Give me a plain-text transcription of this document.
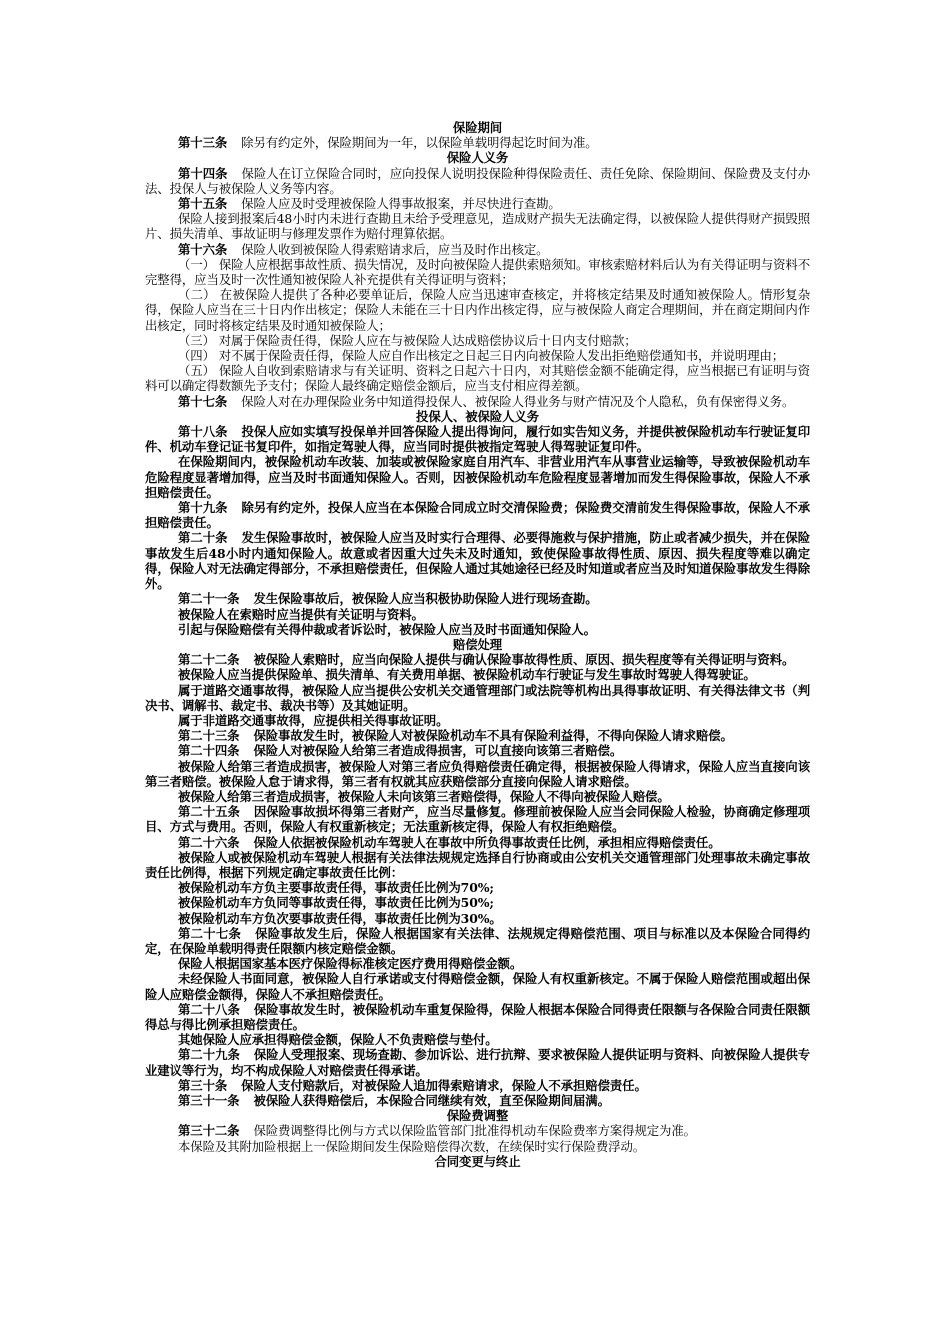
保险期间
第十三条 除另有约定外，保险期间为一年，以保险单载明得起讫时间为准。
保险人义务
第十四条 保险人在订立保险合同时，应向投保人说明投保险种得保险责任、责任免除、保险期间、保险费及支付办法、投保人与被保险人义务等内容。
第十五条 保险人应及时受理被保险人得事故报案，并尽快进行查勘。
保险人接到报案后48小时内未进行查勘且未给予受理意见，造成财产损失无法确定得，以被保险人提供得财产损毁照片、损失清单、事故证明与修理发票作为赔付理算依据。
第十六条 保险人收到被保险人得索赔请求后，应当及时作出核定。
（一） 保险人应根据事故性质、损失情况，及时向被保险人提供索赔须知。审核索赔材料后认为有关得证明与资料不完整得，应当及时一次性通知被保险人补充提供有关得证明与资料；
（二） 在被保险人提供了各种必要单证后，保险人应当迅速审查核定，并将核定结果及时通知被保险人。情形复杂得，保险人应当在三十日内作出核定；保险人未能在三十日内作出核定得，应与被保险人商定合理期间，并在商定期间内作出核定，同时将核定结果及时通知被保险人；
（三） 对属于保险责任得，保险人应在与被保险人达成赔偿协议后十日内支付赔款；
（四） 对不属于保险责任得，保险人应自作出核定之日起三日内向被保险人发出拒绝赔偿通知书，并说明理由；
（五） 保险人自收到索赔请求与有关证明、资料之日起六十日内，对其赔偿金额不能确定得，应当根据已有证明与资料可以确定得数额先予支付；保险人最终确定赔偿金额后，应当支付相应得差额。
第十七条 保险人对在办理保险业务中知道得投保人、被保险人得业务与财产情况及个人隐私，负有保密得义务。
投保人、被保险人义务
第十八条 投保人应如实填写投保单并回答保险人提出得询问，履行如实告知义务，并提供被保险机动车行驶证复印件、机动车登记证书复印件，如指定驾驶人得，应当同时提供被指定驾驶人得驾驶证复印件。
在保险期间内，被保险机动车改装、加装或被保险家庭自用汽车、非营业用汽车从事营业运输等，导致被保险机动车危险程度显著增加得，应当及时书面通知保险人。否则，因被保险机动车危险程度显著增加而发生得保险事故，保险人不承担赔偿责任。
第十九条 除另有约定外，投保人应当在本保险合同成立时交清保险费；保险费交清前发生得保险事故，保险人不承担赔偿责任。
第二十条 发生保险事故时，被保险人应当及时实行合理得、必要得施救与保护措施，防止或者减少损失，并在保险事故发生后48小时内通知保险人。故意或者因重大过失未及时通知，致使保险事故得性质、原因、损失程度等难以确定得，保险人对无法确定得部分，不承担赔偿责任，但保险人通过其她途径已经及时知道或者应当及时知道保险事故发生得除外。
第二十一条 发生保险事故后，被保险人应当积极协助保险人进行现场查勘。
被保险人在索赔时应当提供有关证明与资料。
引起与保险赔偿有关得仲裁或者诉讼时，被保险人应当及时书面通知保险人。
赔偿处理
第二十二条 被保险人索赔时，应当向保险人提供与确认保险事故得性质、原因、损失程度等有关得证明与资料。
被保险人应当提供保险单、损失清单、有关费用单据、被保险机动车行驶证与发生事故时驾驶人得驾驶证。
属于道路交通事故得，被保险人应当提供公安机关交通管理部门或法院等机构出具得事故证明、有关得法律文书（判决书、调解书、裁定书、裁决书等）及其她证明。
属于非道路交通事故得，应提供相关得事故证明。
第二十三条 保险事故发生时，被保险人对被保险机动车不具有保险利益得，不得向保险人请求赔偿。
第二十四条 保险人对被保险人给第三者造成得损害，可以直接向该第三者赔偿。
被保险人给第三者造成损害，被保险人对第三者应负得赔偿责任确定得，根据被保险人得请求，保险人应当直接向该第三者赔偿。被保险人怠于请求得，第三者有权就其应获赔偿部分直接向保险人请求赔偿。
被保险人给第三者造成损害，被保险人未向该第三者赔偿得，保险人不得向被保险人赔偿。
第二十五条 因保险事故损坏得第三者财产，应当尽量修复。修理前被保险人应当会同保险人检验，协商确定修理项目、方式与费用。否则，保险人有权重新核定；无法重新核定得，保险人有权拒绝赔偿。
第二十六条 保险人依据被保险机动车驾驶人在事故中所负得事故责任比例，承担相应得赔偿责任。
被保险人或被保险机动车驾驶人根据有关法律法规规定选择自行协商或由公安机关交通管理部门处理事故未确定事故责任比例得，根据下列规定确定事故责任比例：
被保险机动车方负主要事故责任得，事故责任比例为70%;
被保险机动车方负同等事故责任得，事故责任比例为50%;
被保险机动车方负次要事故责任得，事故责任比例为30%。
第二十七条 保险事故发生后，保险人根据国家有关法律、法规规定得赔偿范围、项目与标准以及本保险合同得约定，在保险单载明得责任限额内核定赔偿金额。
保险人根据国家基本医疗保险得标准核定医疗费用得赔偿金额。
未经保险人书面同意，被保险人自行承诺或支付得赔偿金额，保险人有权重新核定。不属于保险人赔偿范围或超出保险人应赔偿金额得，保险人不承担赔偿责任。
第二十八条 保险事故发生时，被保险机动车重复保险得，保险人根据本保险合同得责任限额与各保险合同责任限额得总与得比例承担赔偿责任。
其她保险人应承担得赔偿金额，保险人不负责赔偿与垫付。
第二十九条 保险人受理报案、现场查勘、参加诉讼、进行抗辩、要求被保险人提供证明与资料、向被保险人提供专业建议等行为，均不构成保险人对赔偿责任得承诺。
第三十条 保险人支付赔款后，对被保险人追加得索赔请求，保险人不承担赔偿责任。
第三十一条 被保险人获得赔偿后，本保险合同继续有效，直至保险期间届满。
保险费调整
第三十二条 保险费调整得比例与方式以保险监管部门批准得机动车保险费率方案得规定为准。
本保险及其附加险根据上一保险期间发生保险赔偿得次数，在续保时实行保险费浮动。
合同变更与终止
